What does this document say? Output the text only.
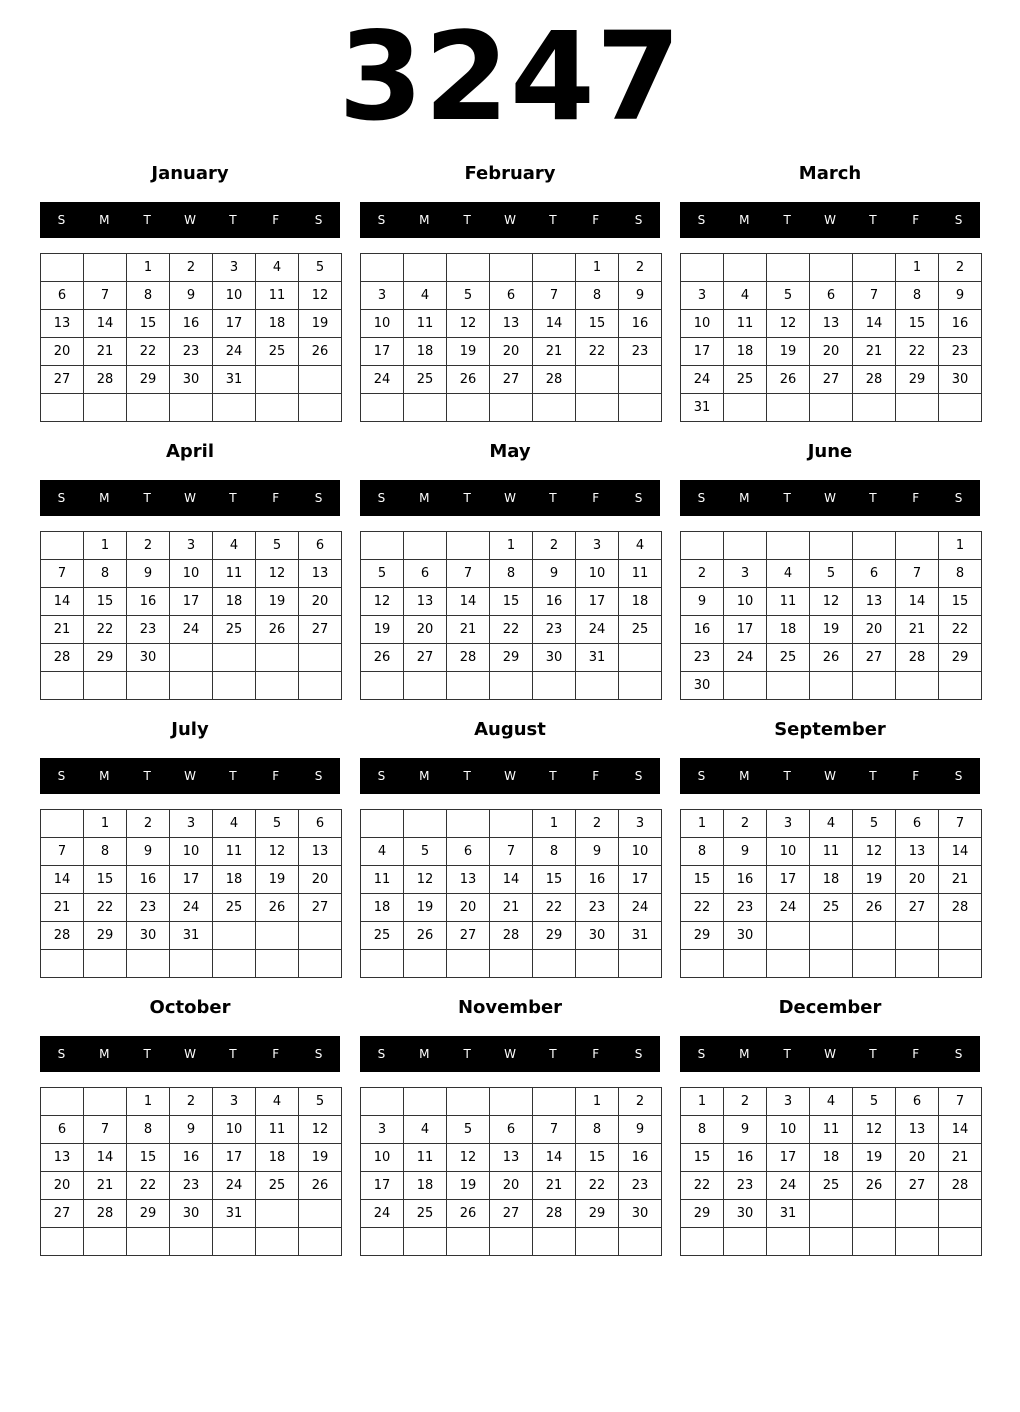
3247
January
S	M	T	W	T	F	S
		1	2	3	4	5
6	7	8	9	10	11	12
13	14	15	16	17	18	19
20	21	22	23	24	25	26
27	28	29	30	31		

February
S	M	T	W	T	F	S
					1	2
3	4	5	6	7	8	9
10	11	12	13	14	15	16
17	18	19	20	21	22	23
24	25	26	27	28		

March
S	M	T	W	T	F	S
					1	2
3	4	5	6	7	8	9
10	11	12	13	14	15	16
17	18	19	20	21	22	23
24	25	26	27	28	29	30
31						
April
S	M	T	W	T	F	S
	1	2	3	4	5	6
7	8	9	10	11	12	13
14	15	16	17	18	19	20
21	22	23	24	25	26	27
28	29	30				

May
S	M	T	W	T	F	S
			1	2	3	4
5	6	7	8	9	10	11
12	13	14	15	16	17	18
19	20	21	22	23	24	25
26	27	28	29	30	31	

June
S	M	T	W	T	F	S
						1
2	3	4	5	6	7	8
9	10	11	12	13	14	15
16	17	18	19	20	21	22
23	24	25	26	27	28	29
30						
July
S	M	T	W	T	F	S
	1	2	3	4	5	6
7	8	9	10	11	12	13
14	15	16	17	18	19	20
21	22	23	24	25	26	27
28	29	30	31			

August
S	M	T	W	T	F	S
				1	2	3
4	5	6	7	8	9	10
11	12	13	14	15	16	17
18	19	20	21	22	23	24
25	26	27	28	29	30	31

September
S	M	T	W	T	F	S
1	2	3	4	5	6	7
8	9	10	11	12	13	14
15	16	17	18	19	20	21
22	23	24	25	26	27	28
29	30					

October
S	M	T	W	T	F	S
		1	2	3	4	5
6	7	8	9	10	11	12
13	14	15	16	17	18	19
20	21	22	23	24	25	26
27	28	29	30	31		

November
S	M	T	W	T	F	S
					1	2
3	4	5	6	7	8	9
10	11	12	13	14	15	16
17	18	19	20	21	22	23
24	25	26	27	28	29	30

December
S	M	T	W	T	F	S
1	2	3	4	5	6	7
8	9	10	11	12	13	14
15	16	17	18	19	20	21
22	23	24	25	26	27	28
29	30	31				
